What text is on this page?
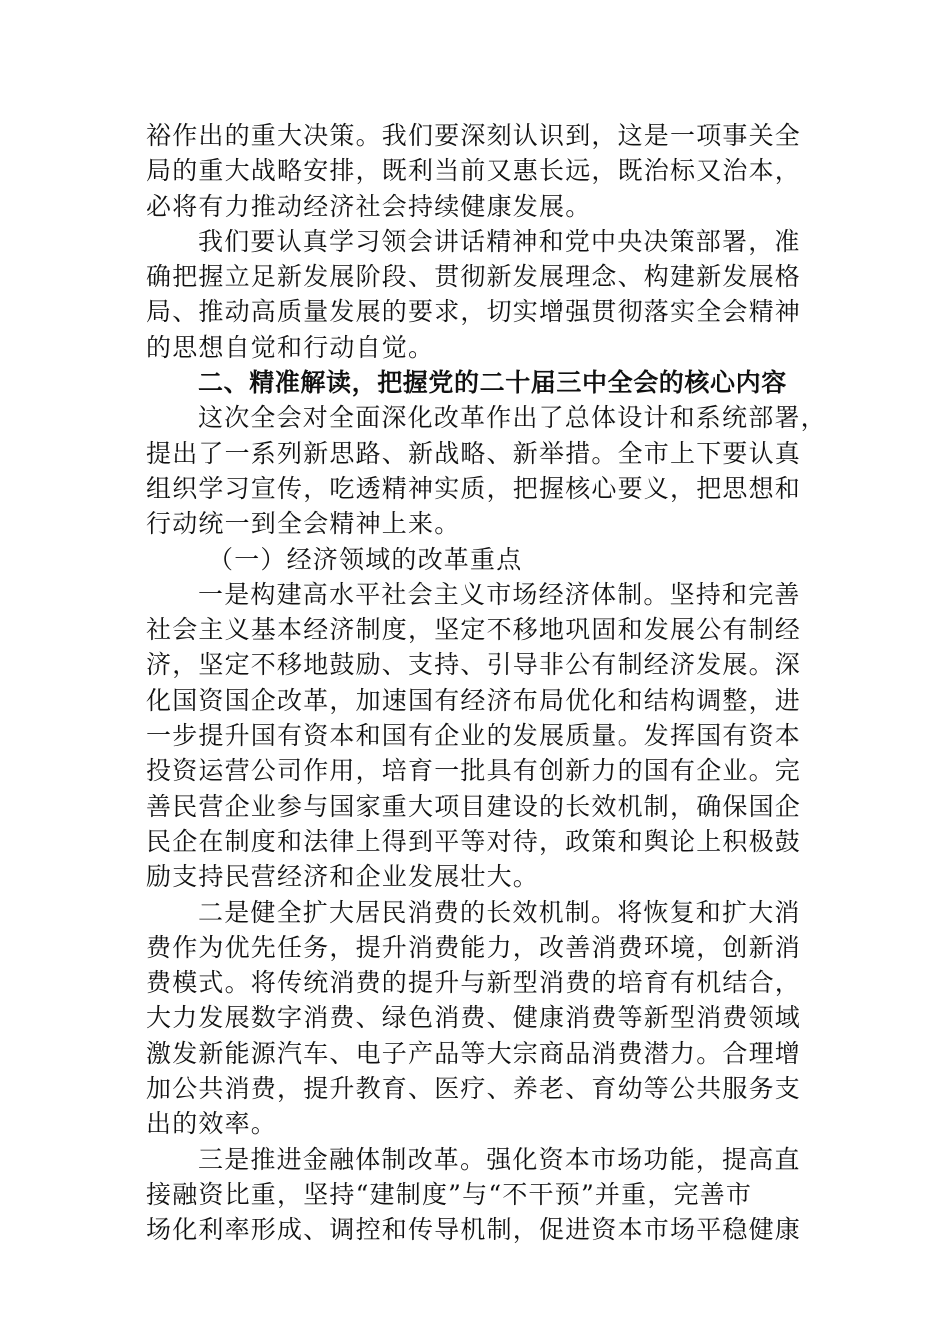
裕作出的重大决策。我们要深刻认识到，这是一项事关全
局的重大战略安排，既利当前又惠长远，既治标又治本，
必将有力推动经济社会持续健康发展。
我们要认真学习领会讲话精神和党中央决策部署，准
确把握立足新发展阶段、贯彻新发展理念、构建新发展格
局、推动高质量发展的要求，切实增强贯彻落实全会精神
的思想自觉和行动自觉。
二、精准解读，把握党的二十届三中全会的核心内容
这次全会对全面深化改革作出了总体设计和系统部署，
提出了一系列新思路、新战略、新举措。全市上下要认真
组织学习宣传，吃透精神实质，把握核心要义，把思想和
行动统一到全会精神上来。
（一）经济领域的改革重点
一是构建高水平社会主义市场经济体制。坚持和完善
社会主义基本经济制度，坚定不移地巩固和发展公有制经
济，坚定不移地鼓励、支持、引导非公有制经济发展。深
化国资国企改革，加速国有经济布局优化和结构调整，进
一步提升国有资本和国有企业的发展质量。发挥国有资本
投资运营公司作用，培育一批具有创新力的国有企业。完
善民营企业参与国家重大项目建设的长效机制，确保国企
民企在制度和法律上得到平等对待，政策和舆论上积极鼓
励支持民营经济和企业发展壮大。
二是健全扩大居民消费的长效机制。将恢复和扩大消
费作为优先任务，提升消费能力，改善消费环境，创新消
费模式。将传统消费的提升与新型消费的培育有机结合，
大力发展数字消费、绿色消费、健康消费等新型消费领域
激发新能源汽车、电子产品等大宗商品消费潜力。合理增
加公共消费，提升教育、医疗、养老、育幼等公共服务支
出的效率。
三是推进金融体制改革。强化资本市场功能，提高直
接融资比重，坚持“建制度”与“不干预”并重，完善市
场化利率形成、调控和传导机制，促进资本市场平稳健康
